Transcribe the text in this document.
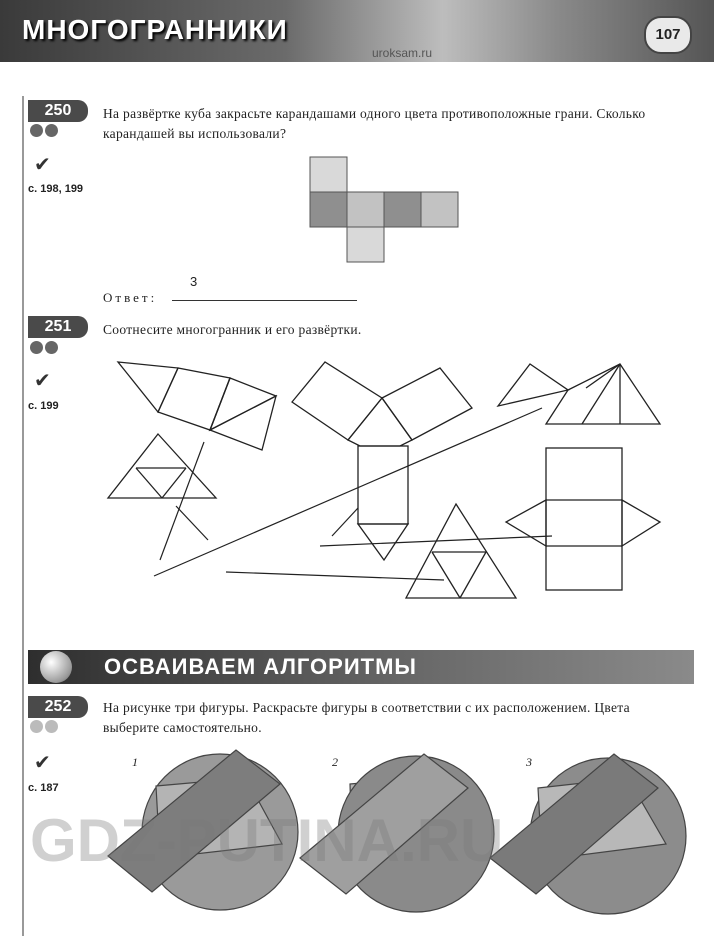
МНОГОГРАННИКИ	107
uroksam.ru
250
✔
с. 198, 199
На развёртке куба закрасьте карандашами одного цвета противоположные грани. Сколько карандашей вы использовали?
Ответ:
3
251
✔
с. 199
Соотнесите многогранник и его развёртки.
ОСВАИВАЕМ АЛГОРИТМЫ
252
✔
с. 187
На рисунке три фигуры. Раскрасьте фигуры в соответствии с их расположением. Цвета выберите самостоятельно.
1	2	3
GDZ-PUTINA.RU
